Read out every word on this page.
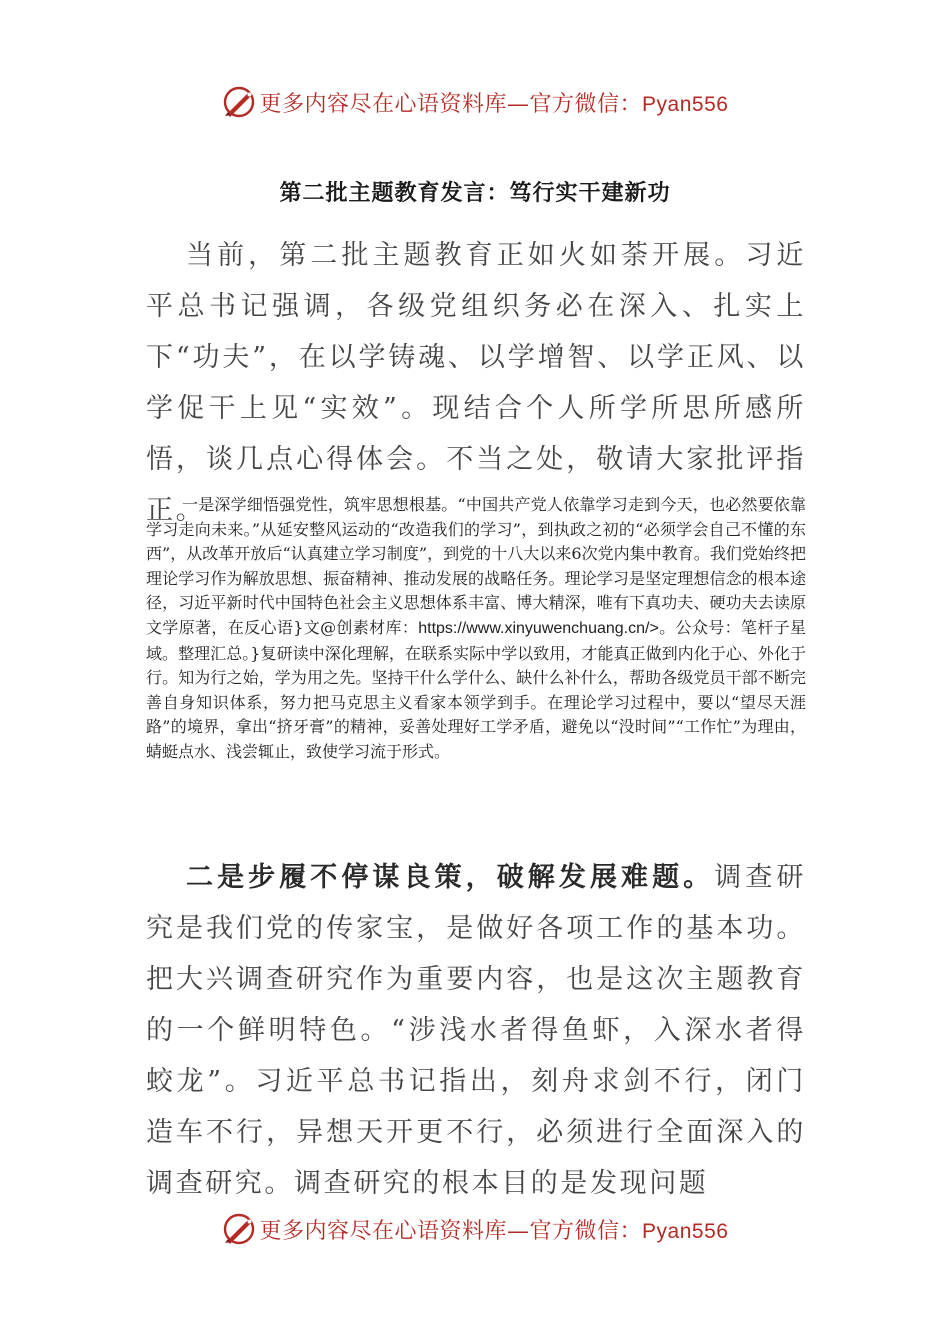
更多内容尽在心语资料库—官方微信：Pyan556
第二批主题教育发言：笃行实干建新功

当前，第二批主题教育正如火如荼开展。习近平总书记强调，各级党组织务必在深入、扎实上下“功夫”，在以学铸魂、以学增智、以学正风、以学促干上见“实效”。现结合个人所学所思所感所悟，谈几点心得体会。不当之处，敬请大家批评指正。

一是深学细悟强党性，筑牢思想根基。“中国共产党人依靠学习走到今天，也必然要依靠学习走向未来。”从延安整风运动的“改造我们的学习”，到执政之初的“必须学会自己不懂的东西”，从改革开放后“认真建立学习制度”，到党的十八大以来6次党内集中教育。我们党始终把理论学习作为解放思想、振奋精神、推动发展的战略任务。理论学习是坚定理想信念的根本途径，习近平新时代中国特色社会主义思想体系丰富、博大精深，唯有下真功夫、硬功夫去读原文学原著，在反心语}文@创素材库：https://www.xinyuwenchuang.cn/>。公众号：笔杆子星域。整理汇总。}复研读中深化理解，在联系实际中学以致用，才能真正做到内化于心、外化于行。知为行之始，学为用之先。坚持干什么学什么、缺什么补什么，帮助各级党员干部不断完善自身知识体系，努力把马克思主义看家本领学到手。在理论学习过程中，要以“望尽天涯路”的境界，拿出“挤牙膏”的精神，妥善处理好工学矛盾，避免以“没时间”“工作忙”为理由，蜻蜓点水、浅尝辄止，致使学习流于形式。

二是步履不停谋良策，破解发展难题。调查研究是我们党的传家宝，是做好各项工作的基本功。把大兴调查研究作为重要内容，也是这次主题教育的一个鲜明特色。“涉浅水者得鱼虾，入深水者得蛟龙”。习近平总书记指出，刻舟求剑不行，闭门造车不行，异想天开更不行，必须进行全面深入的调查研究。调查研究的根本目的是发现问题

更多内容尽在心语资料库—官方微信：Pyan556
